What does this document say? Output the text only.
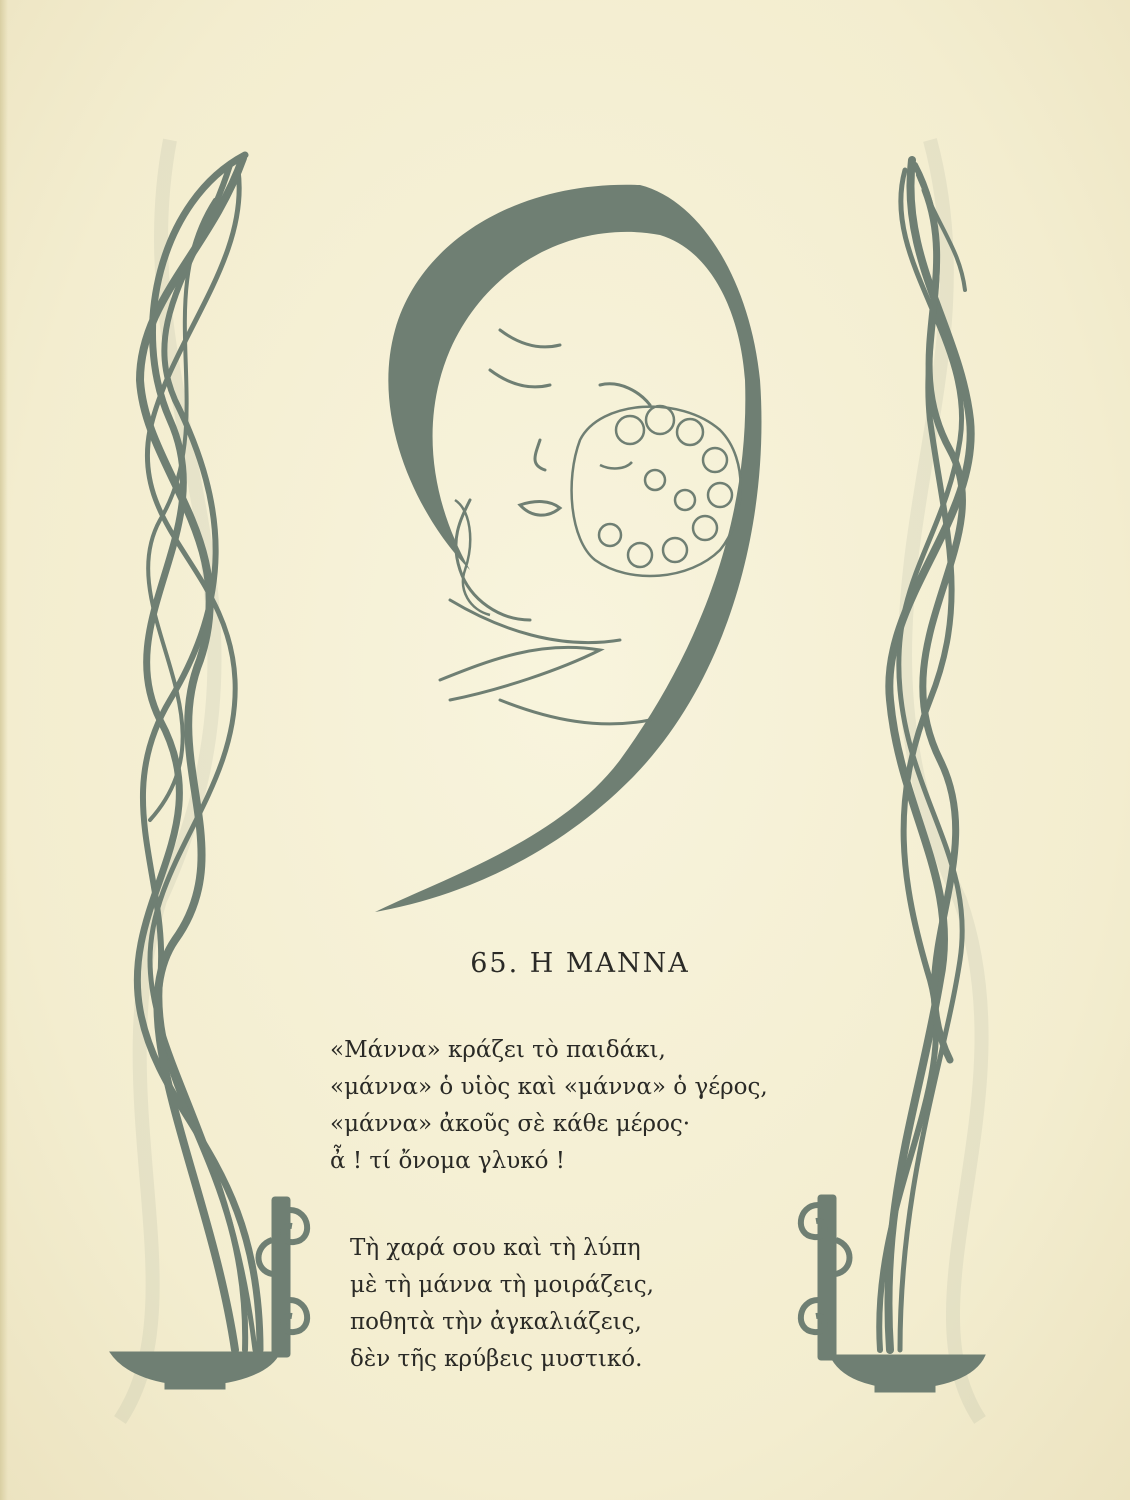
65. Η ΜΑΝΝΑ
«Μάννα» κράζει τὸ παιδάκι,
«μάννα» ὁ υἱὸς καὶ «μάννα» ὁ γέρος,
«μάννα» ἀκοῦς σὲ κάθε μέρος·
ἆ ! τί ὄνομα γλυκό !
Τὴ χαρά σου καὶ τὴ λύπη
μὲ τὴ μάννα τὴ μοιράζεις,
ποθητὰ τὴν ἀγκαλιάζεις,
δὲν τῆς κρύβεις μυστικό.
